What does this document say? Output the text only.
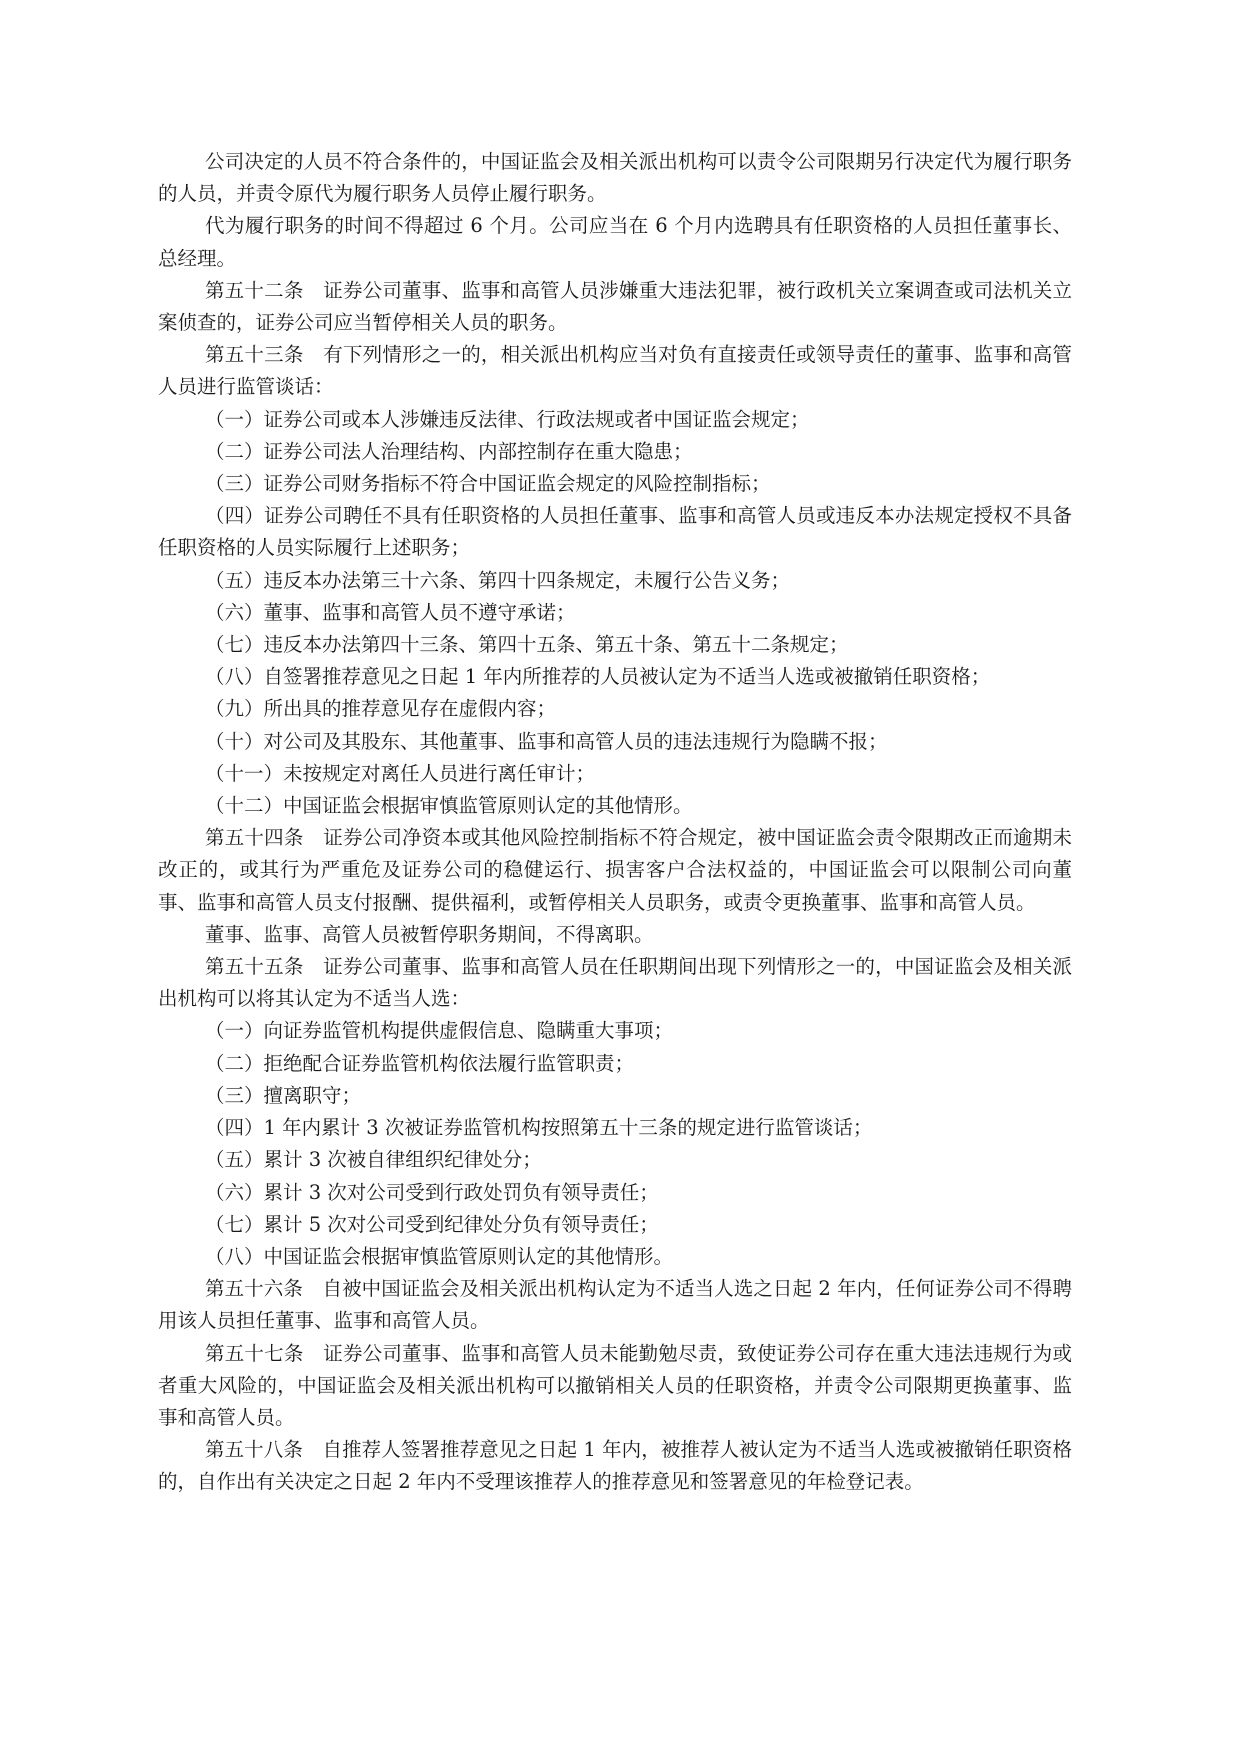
公司决定的人员不符合条件的，中国证监会及相关派出机构可以责令公司限期另行决定代为履行职务的人员，并责令原代为履行职务人员停止履行职务。

代为履行职务的时间不得超过 6 个月。公司应当在 6 个月内选聘具有任职资格的人员担任董事长、总经理。

第五十二条　证券公司董事、监事和高管人员涉嫌重大违法犯罪，被行政机关立案调查或司法机关立案侦查的，证券公司应当暂停相关人员的职务。

第五十三条　有下列情形之一的，相关派出机构应当对负有直接责任或领导责任的董事、监事和高管人员进行监管谈话：

（一）证券公司或本人涉嫌违反法律、行政法规或者中国证监会规定；

（二）证券公司法人治理结构、内部控制存在重大隐患；

（三）证券公司财务指标不符合中国证监会规定的风险控制指标；

（四）证券公司聘任不具有任职资格的人员担任董事、监事和高管人员或违反本办法规定授权不具备任职资格的人员实际履行上述职务；

（五）违反本办法第三十六条、第四十四条规定，未履行公告义务；

（六）董事、监事和高管人员不遵守承诺；

（七）违反本办法第四十三条、第四十五条、第五十条、第五十二条规定；

（八）自签署推荐意见之日起 1 年内所推荐的人员被认定为不适当人选或被撤销任职资格；

（九）所出具的推荐意见存在虚假内容；

（十）对公司及其股东、其他董事、监事和高管人员的违法违规行为隐瞒不报；

（十一）未按规定对离任人员进行离任审计；

（十二）中国证监会根据审慎监管原则认定的其他情形。

第五十四条　证券公司净资本或其他风险控制指标不符合规定，被中国证监会责令限期改正而逾期未改正的，或其行为严重危及证券公司的稳健运行、损害客户合法权益的，中国证监会可以限制公司向董事、监事和高管人员支付报酬、提供福利，或暂停相关人员职务，或责令更换董事、监事和高管人员。

董事、监事、高管人员被暂停职务期间，不得离职。

第五十五条　证券公司董事、监事和高管人员在任职期间出现下列情形之一的，中国证监会及相关派出机构可以将其认定为不适当人选：

（一）向证券监管机构提供虚假信息、隐瞒重大事项；

（二）拒绝配合证券监管机构依法履行监管职责；

（三）擅离职守；

（四）1 年内累计 3 次被证券监管机构按照第五十三条的规定进行监管谈话；

（五）累计 3 次被自律组织纪律处分；

（六）累计 3 次对公司受到行政处罚负有领导责任；

（七）累计 5 次对公司受到纪律处分负有领导责任；

（八）中国证监会根据审慎监管原则认定的其他情形。

第五十六条　自被中国证监会及相关派出机构认定为不适当人选之日起 2 年内，任何证券公司不得聘用该人员担任董事、监事和高管人员。

第五十七条　证券公司董事、监事和高管人员未能勤勉尽责，致使证券公司存在重大违法违规行为或者重大风险的，中国证监会及相关派出机构可以撤销相关人员的任职资格，并责令公司限期更换董事、监事和高管人员。

第五十八条　自推荐人签署推荐意见之日起 1 年内，被推荐人被认定为不适当人选或被撤销任职资格的，自作出有关决定之日起 2 年内不受理该推荐人的推荐意见和签署意见的年检登记表。
